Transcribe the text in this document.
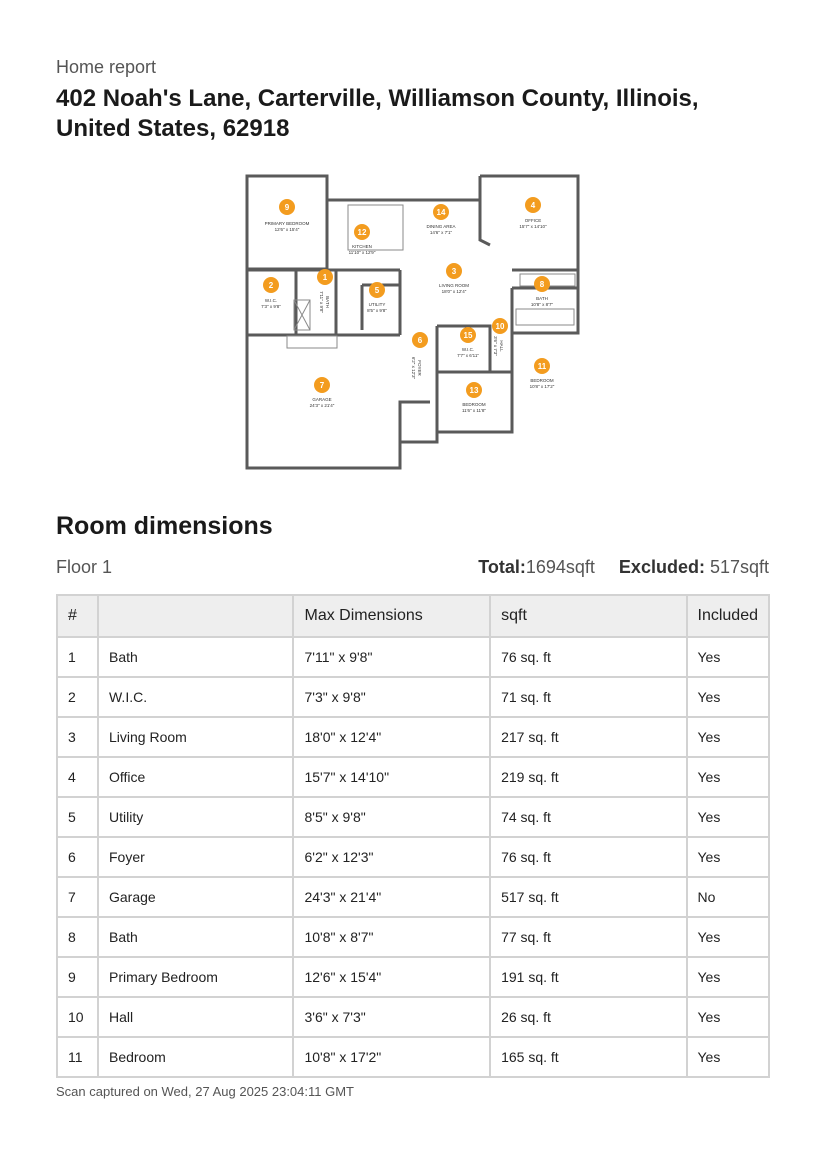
Home report
402 Noah's Lane, Carterville, Williamson County, Illinois, United States, 62918
1
2
W.I.C.
7'3" x 9'8"
3
LIVING ROOM
18'0" x 12'4"
4
OFFICE
15'7" x 14'10"
5
UTILITY
8'5" x 9'8"
6
7
GARAGE
24'3" x 21'4"
8
BATH
10'8" x 8'7"
9
PRIMARY BEDROOM
12'6" x 15'4"
10
11
BEDROOM
10'8" x 17'2"
12
KITCHEN
11'10" x 12'9"
13
BEDROOM
11'6" x 11'8"
14
DINING AREA
14'6" x 7'1"
15
W.I.C.
7'7" x 6'11"
BATH
7'11" x 9'8"
FOYER
6'2" x 12'3"
HALL
3'6" x 7'3"
Room dimensions
Floor 1	Total:1694sqft Excluded: 517sqft
#		Max Dimensions	sqft	Included
1	Bath	7'11" x 9'8"	76 sq. ft	Yes
2	W.I.C.	7'3" x 9'8"	71 sq. ft	Yes
3	Living Room	18'0" x 12'4"	217 sq. ft	Yes
4	Office	15'7" x 14'10"	219 sq. ft	Yes
5	Utility	8'5" x 9'8"	74 sq. ft	Yes
6	Foyer	6'2" x 12'3"	76 sq. ft	Yes
7	Garage	24'3" x 21'4"	517 sq. ft	No
8	Bath	10'8" x 8'7"	77 sq. ft	Yes
9	Primary Bedroom	12'6" x 15'4"	191 sq. ft	Yes
10	Hall	3'6" x 7'3"	26 sq. ft	Yes
11	Bedroom	10'8" x 17'2"	165 sq. ft	Yes
Scan captured on Wed, 27 Aug 2025 23:04:11 GMT
